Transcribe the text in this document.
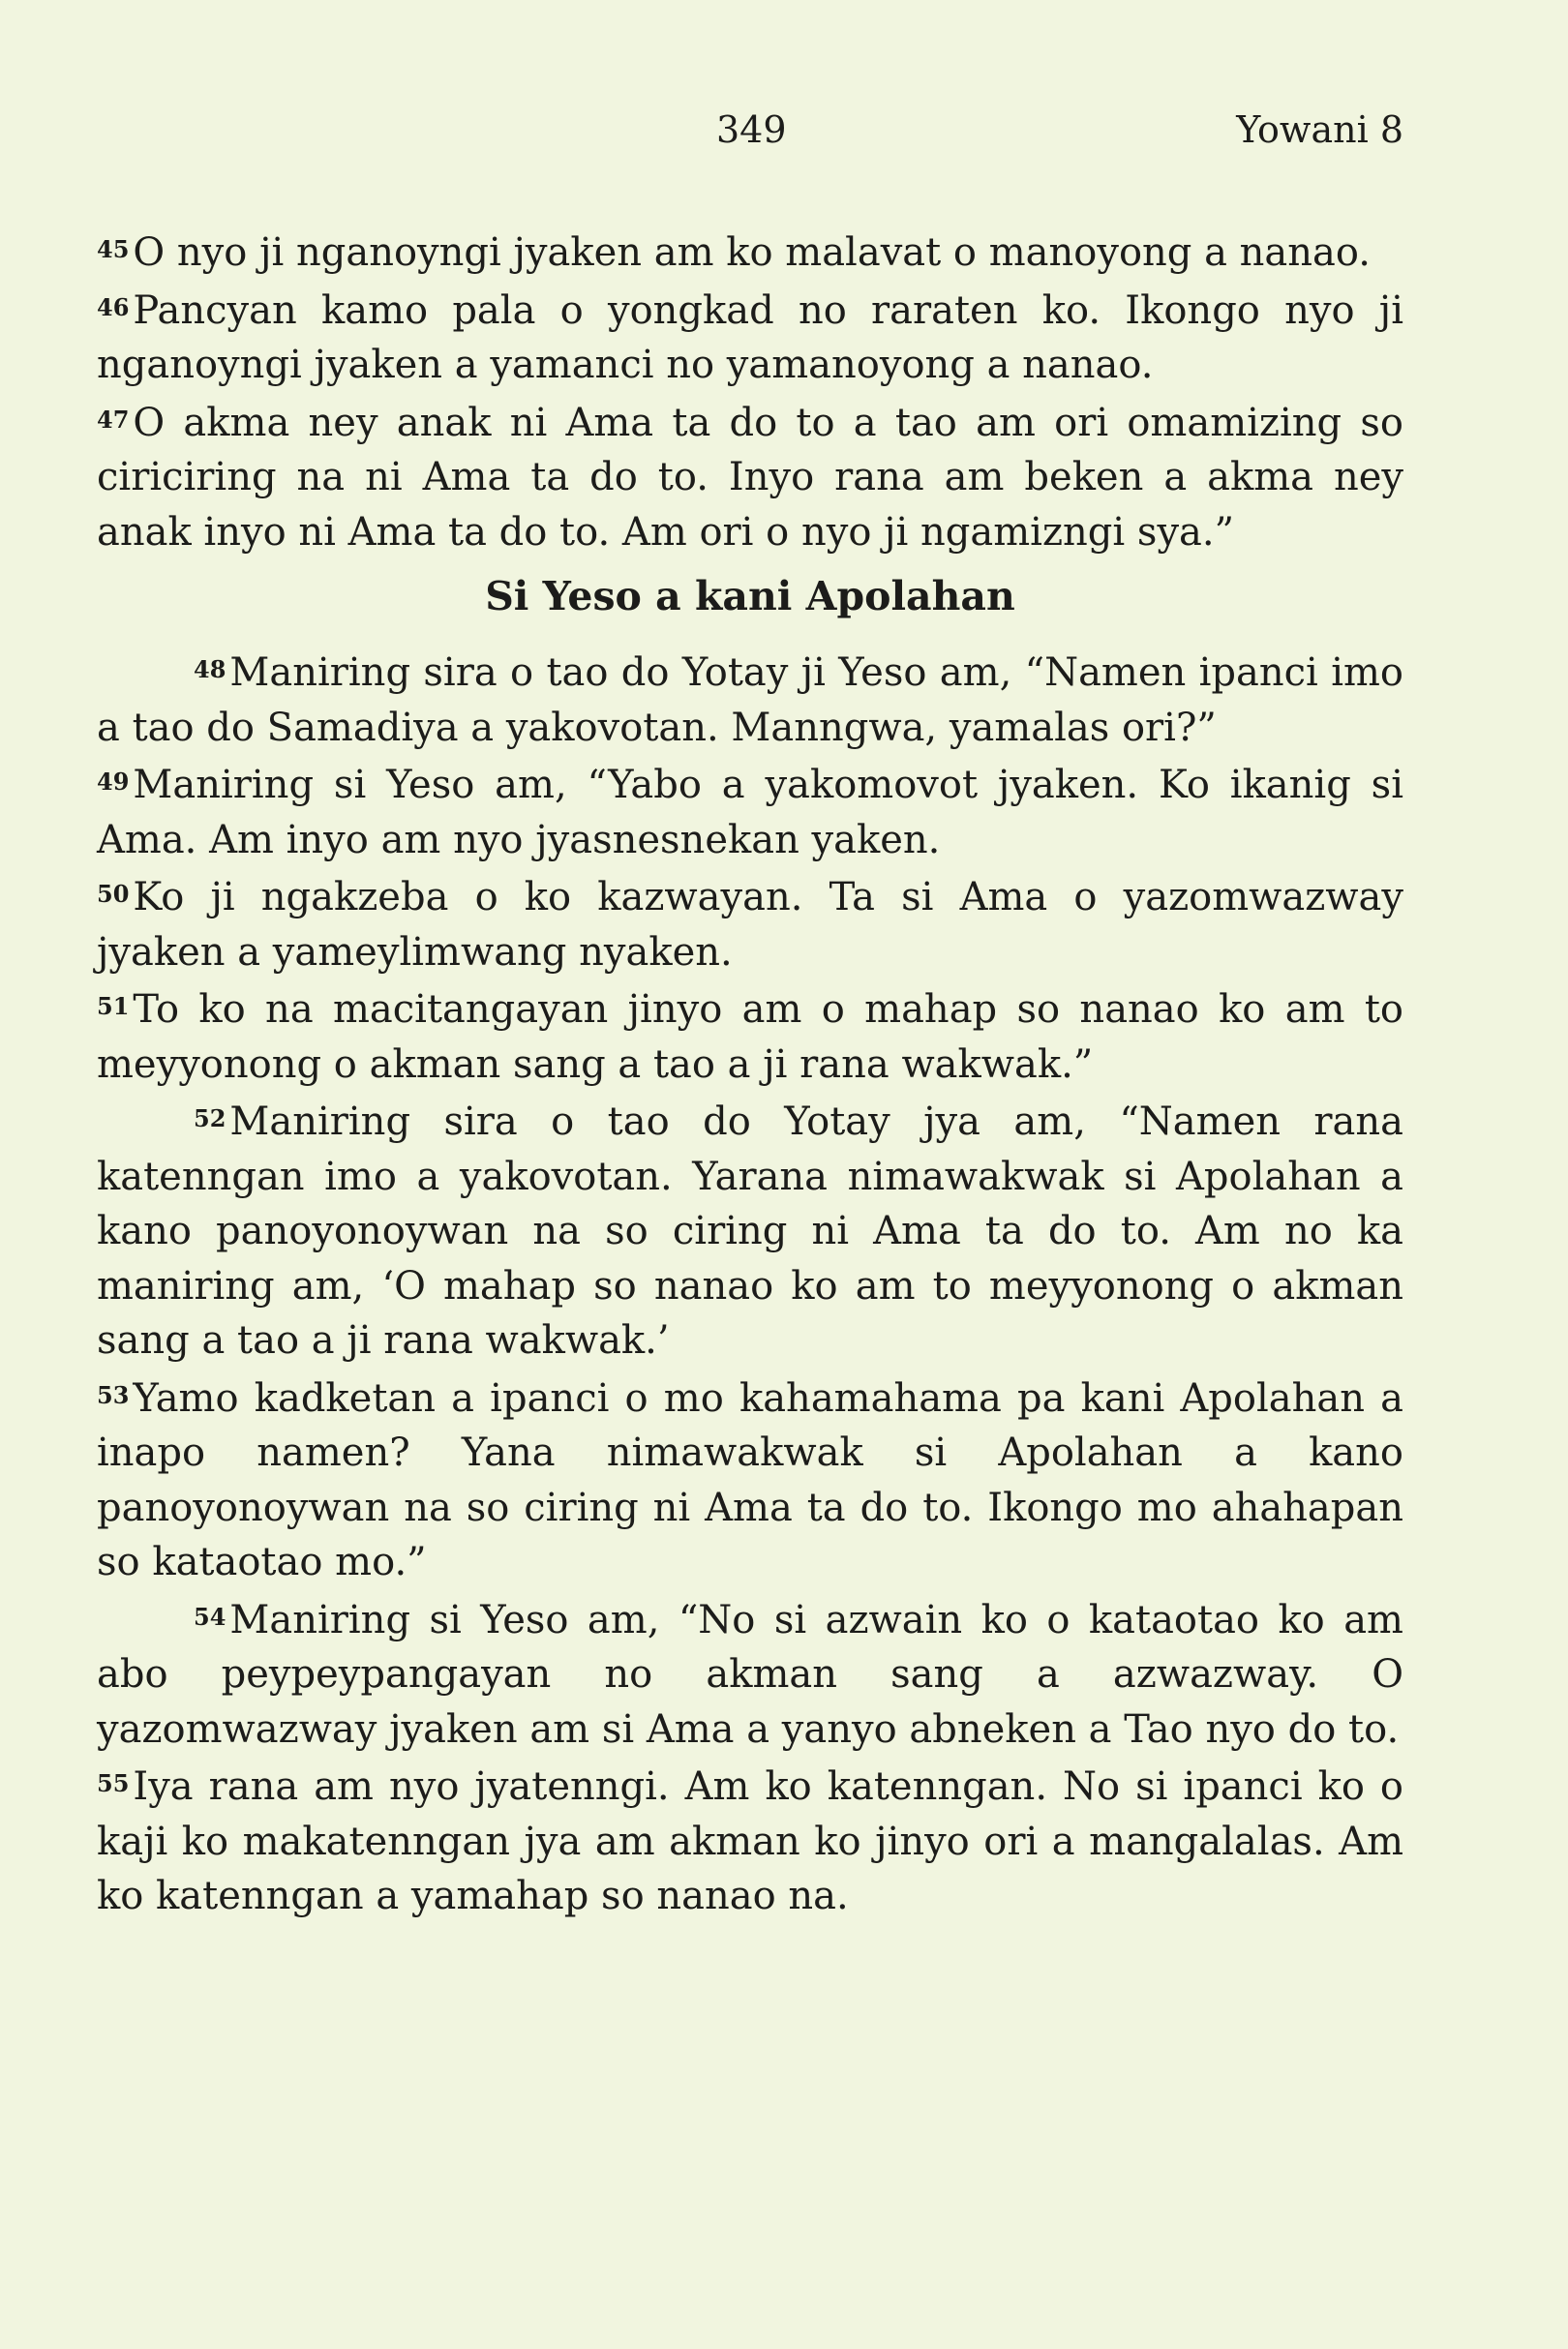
349	Yowani 8

$^{45}$ O nyo ji nganoyngi jyaken am ko malavat o manoyong a nanao.

$^{46}$ Pancyan kamo pala o yongkad no raraten ko. Ikongo nyo ji nganoyngi jyaken a yamanci no yamanoyong a nanao.

$^{47}$ O akma ney anak ni Ama ta do to a tao am ori omamizing so ciriciring na ni Ama ta do to. Inyo rana am beken a akma ney anak inyo ni Ama ta do to. Am ori o nyo ji ngamizngi sya.”

Si Yeso a kani Apolahan

$^{48}$ Maniring sira o tao do Yotay ji Yeso am, “Namen ipanci imo a tao do Samadiya a yakovotan. Manngwa, yamalas ori?”

$^{49}$ Maniring si Yeso am, “Yabo a yakomovot jyaken. Ko ikanig si Ama. Am inyo am nyo jyasnesnekan yaken.

$^{50}$ Ko ji ngakzeba o ko kazwayan. Ta si Ama o yazomwazway jyaken a yameylimwang nyaken.

$^{51}$ To ko na macitangayan jinyo am o mahap so nanao ko am to meyyonong o akman sang a tao a ji rana wakwak.”

$^{52}$ Maniring sira o tao do Yotay jya am, “Namen rana katenngan imo a yakovotan. Yarana nimawakwak si Apolahan a kano panoyonoywan na so ciring ni Ama ta do to. Am no ka maniring am, ‘O mahap so nanao ko am to meyyonong o akman sang a tao a ji rana wakwak.’

$^{53}$ Yamo kadketan a ipanci o mo kahamahama pa kani Apolahan a inapo namen? Yana nimawakwak si Apolahan a kano panoyonoywan na so ciring ni Ama ta do to. Ikongo mo ahahapan so kataotao mo.”

$^{54}$ Maniring si Yeso am, “No si azwain ko o kataotao ko am abo peypeypangayan no akman sang a azwazway. O yazomwazway jyaken am si Ama a yanyo abneken a Tao nyo do to.

$^{55}$ Iya rana am nyo jyatenngi. Am ko katenngan. No si ipanci ko o kaji ko makatenngan jya am akman ko jinyo ori a mangalalas. Am ko katenngan a yamahap so nanao na.
